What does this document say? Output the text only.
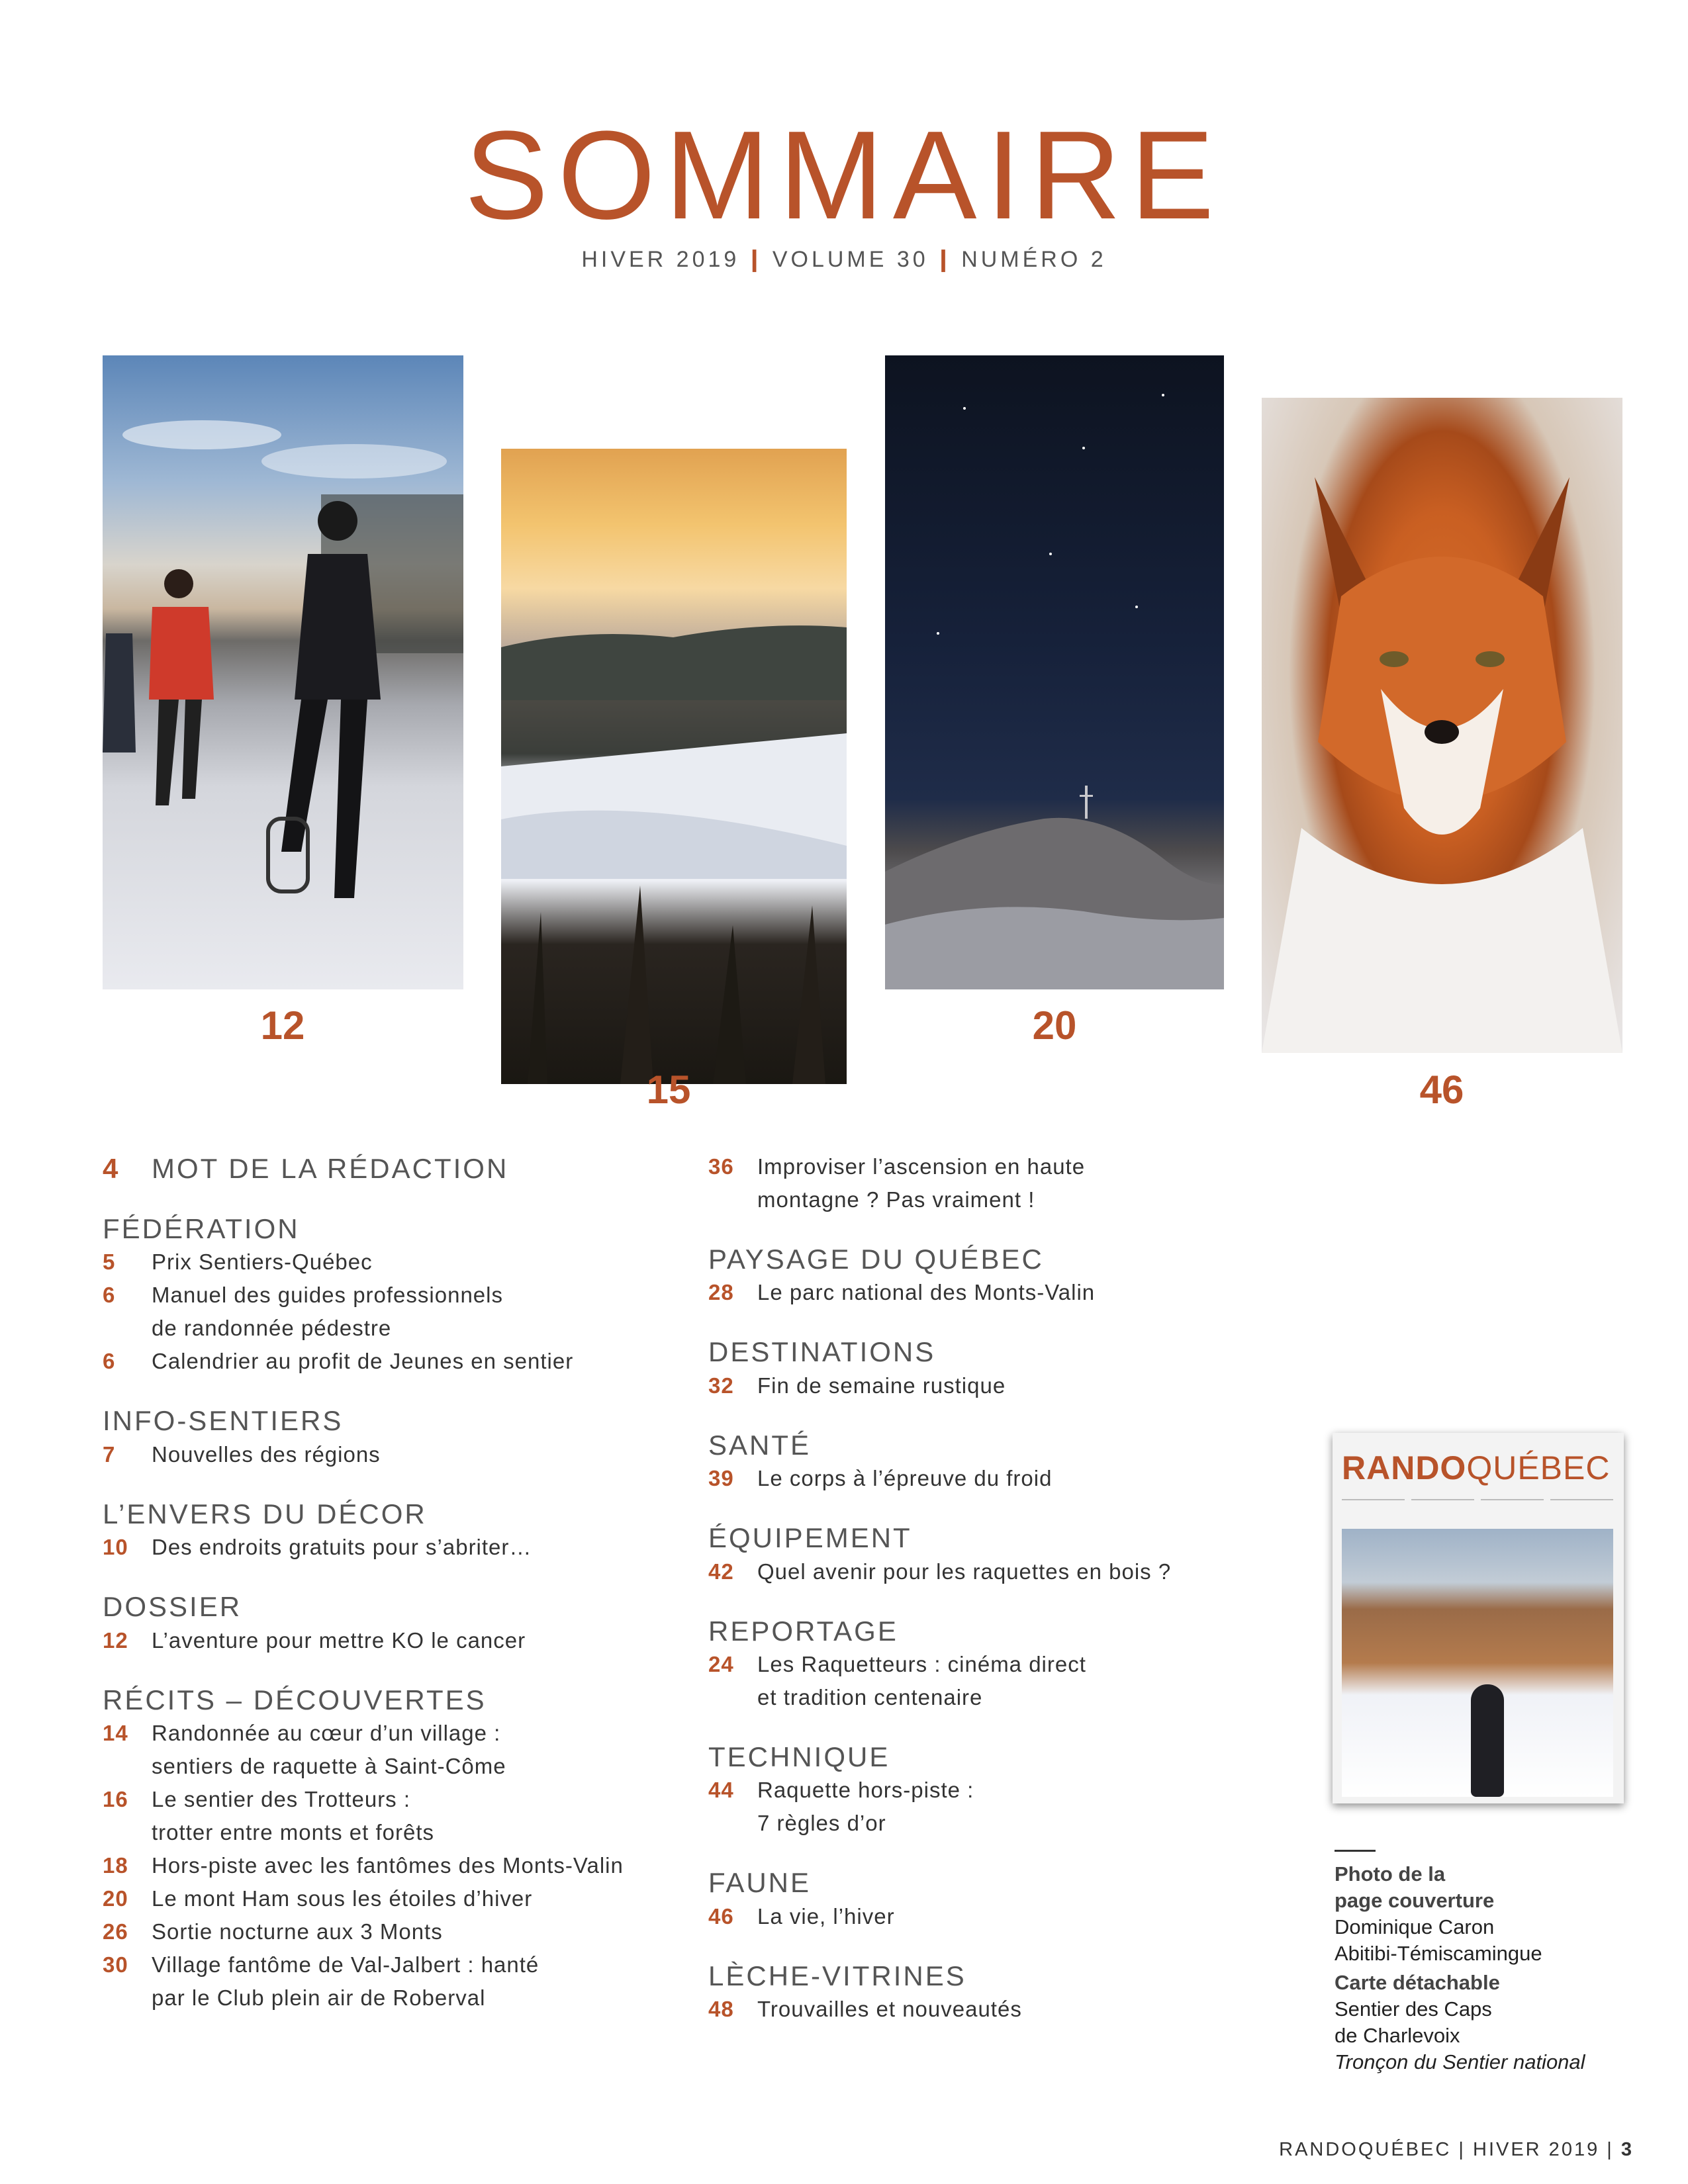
SOMMAIRE
HIVER 2019 ❙ VOLUME 30 ❙ NUMÉRO 2
12
15
20
46
4	MOT DE LA RÉDACTION
FÉDÉRATION
5	Prix Sentiers-Québec
6	Manuel des guides professionnels
de randonnée pédestre
6	Calendrier au profit de Jeunes en sentier
INFO-SENTIERS
7	Nouvelles des régions
L’ENVERS DU DÉCOR
10	Des endroits gratuits pour s’abriter…
DOSSIER
12	L’aventure pour mettre KO le cancer
RÉCITS – DÉCOUVERTES
14	Randonnée au cœur d’un village :
sentiers de raquette à Saint-Côme
16	Le sentier des Trotteurs :
trotter entre monts et forêts
18	Hors-piste avec les fantômes des Monts-Valin
20	Le mont Ham sous les étoiles d’hiver
26	Sortie nocturne aux 3 Monts
30	Village fantôme de Val-Jalbert : hanté
par le Club plein air de Roberval
36	Improviser l’ascension en haute
montagne ? Pas vraiment !
PAYSAGE DU QUÉBEC
28	Le parc national des Monts-Valin
DESTINATIONS
32	Fin de semaine rustique
SANTÉ
39	Le corps à l’épreuve du froid
ÉQUIPEMENT
42	Quel avenir pour les raquettes en bois ?
REPORTAGE
24	Les Raquetteurs : cinéma direct
et tradition centenaire
TECHNIQUE
44	Raquette hors-piste :
7 règles d’or
FAUNE
46	La vie, l’hiver
LÈCHE-VITRINES
48	Trouvailles et nouveautés
RANDOQUÉBEC
Photo de la
page couverture
Dominique Caron
Abitibi-Témiscamingue
Carte détachable
Sentier des Caps
de Charlevoix
Tronçon du Sentier national
RANDOQUÉBEC | HIVER 2019 | 3
